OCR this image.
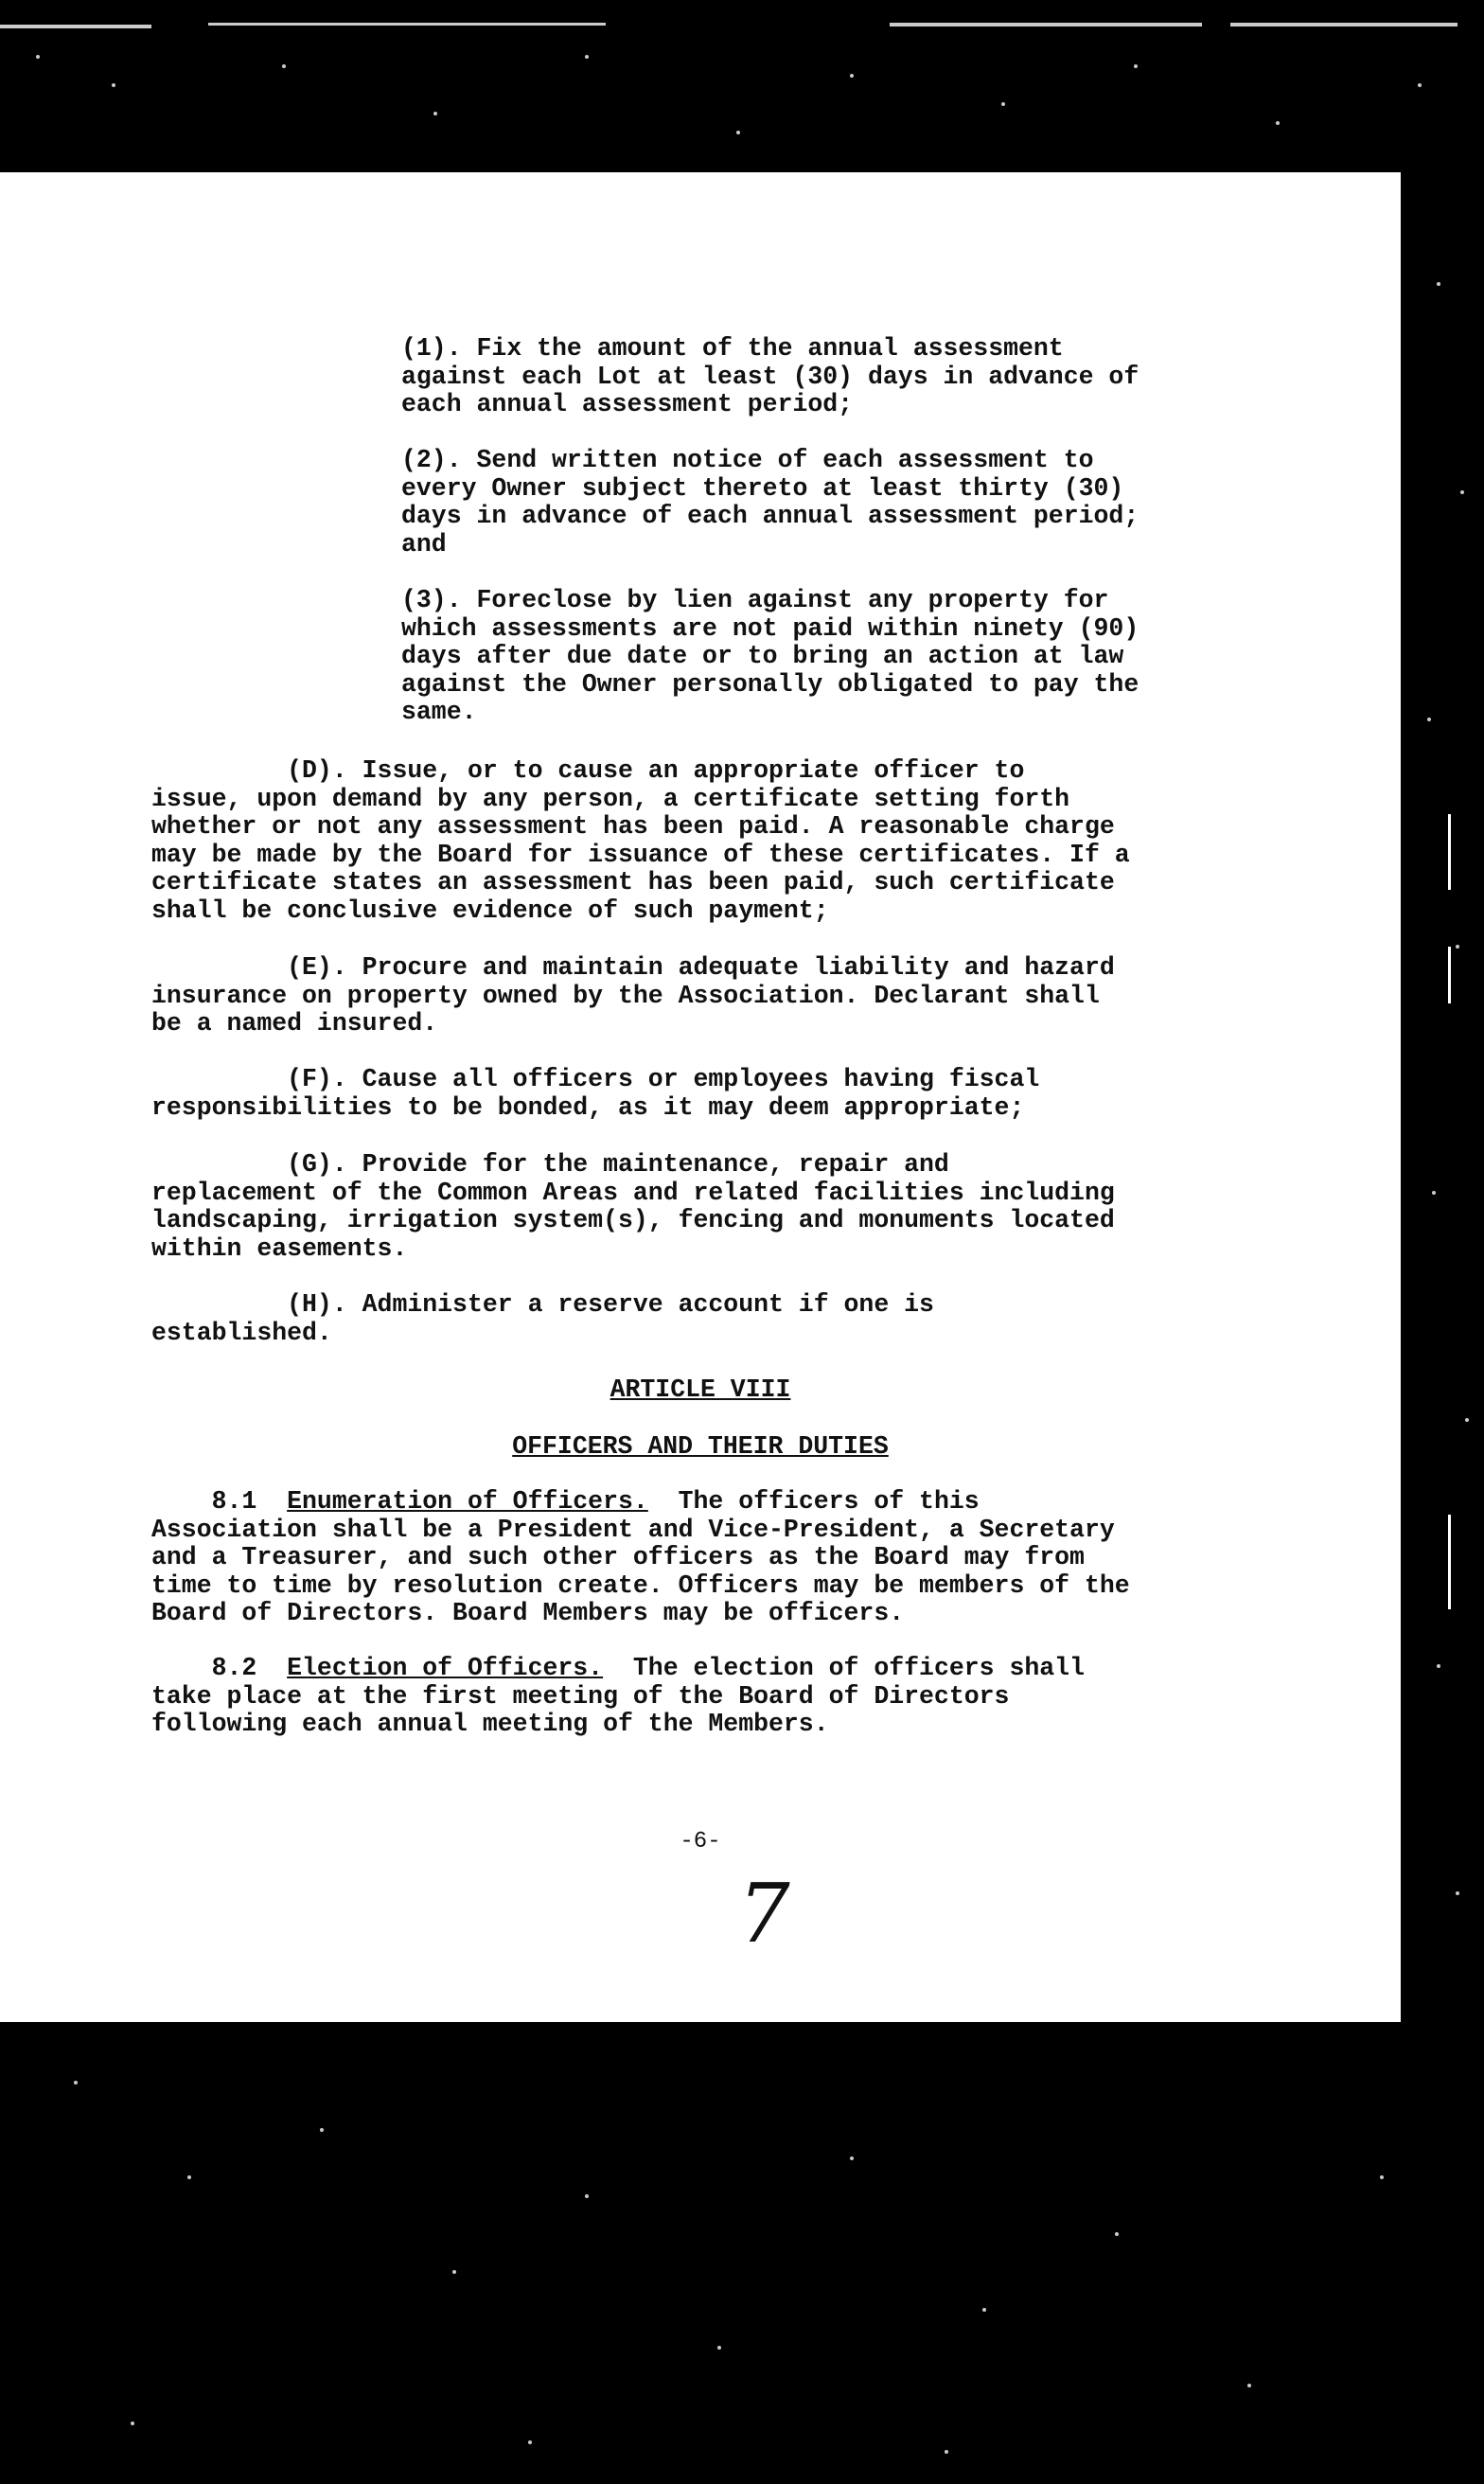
(1). Fix the amount of the annual assessment
against each Lot at least (30) days in advance of
each annual assessment period;

(2). Send written notice of each assessment to
every Owner subject thereto at least thirty (30)
days in advance of each annual assessment period;
and

(3). Foreclose by lien against any property for
which assessments are not paid within ninety (90)
days after due date or to bring an action at law
against the Owner personally obligated to pay the
same.

(D). Issue, or to cause an appropriate officer to
issue, upon demand by any person, a certificate setting forth
whether or not any assessment has been paid. A reasonable charge
may be made by the Board for issuance of these certificates. If a
certificate states an assessment has been paid, such certificate
shall be conclusive evidence of such payment;

(E). Procure and maintain adequate liability and hazard
insurance on property owned by the Association. Declarant shall
be a named insured.

(F). Cause all officers or employees having fiscal
responsibilities to be bonded, as it may deem appropriate;

(G). Provide for the maintenance, repair and
replacement of the Common Areas and related facilities including
landscaping, irrigation system(s), fencing and monuments located
within easements.

(H). Administer a reserve account if one is
established.

ARTICLE VIII

OFFICERS AND THEIR DUTIES

8.1  Enumeration of Officers.  The officers of this
Association shall be a President and Vice-President, a Secretary
and a Treasurer, and such other officers as the Board may from
time to time by resolution create. Officers may be members of the
Board of Directors. Board Members may be officers.

8.2  Election of Officers.  The election of officers shall
take place at the first meeting of the Board of Directors
following each annual meeting of the Members.

-6-
7
